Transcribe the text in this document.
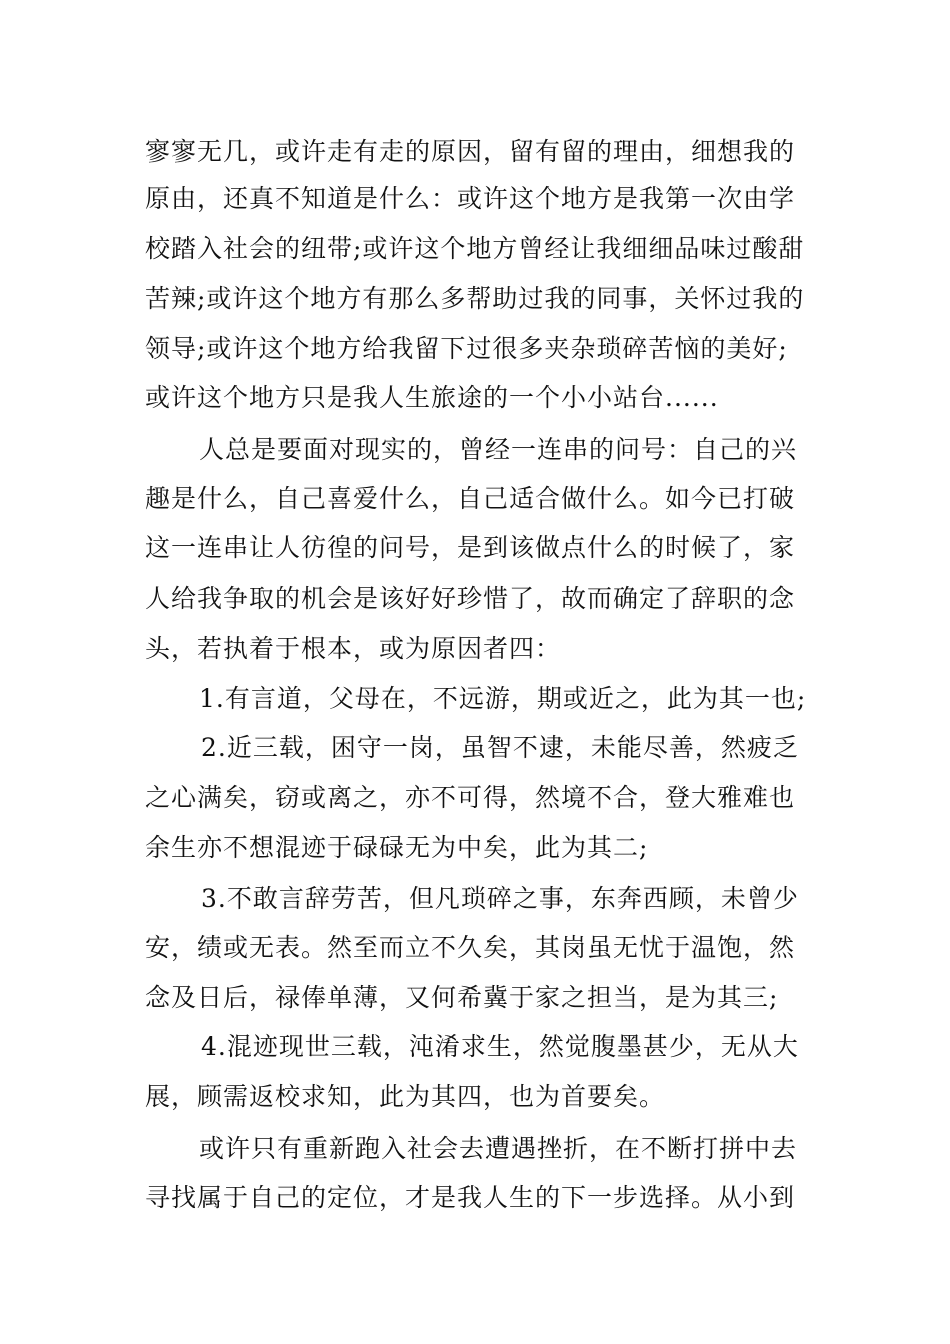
寥寥无几，或许走有走的原因，留有留的理由，细想我的
原由，还真不知道是什么：或许这个地方是我第一次由学
校踏入社会的纽带;或许这个地方曾经让我细细品味过酸甜
苦辣;或许这个地方有那么多帮助过我的同事，关怀过我的
领导;或许这个地方给我留下过很多夹杂琐碎苦恼的美好;
或许这个地方只是我人生旅途的一个小小站台......
人总是要面对现实的，曾经一连串的问号：自己的兴
趣是什么，自己喜爱什么，自己适合做什么。如今已打破
这一连串让人彷徨的问号，是到该做点什么的时候了，家
人给我争取的机会是该好好珍惜了，故而确定了辞职的念
头，若执着于根本，或为原因者四：
1.有言道，父母在，不远游，期或近之，此为其一也;
2.近三载，困守一岗，虽智不逮，未能尽善，然疲乏
之心满矣，窃或离之，亦不可得，然境不合，登大雅难也
余生亦不想混迹于碌碌无为中矣，此为其二;
3.不敢言辞劳苦，但凡琐碎之事，东奔西顾，未曾少
安，绩或无表。然至而立不久矣，其岗虽无忧于温饱，然
念及日后，禄俸单薄，又何希冀于家之担当，是为其三;
4.混迹现世三载，沌淆求生，然觉腹墨甚少，无从大
展，顾需返校求知，此为其四，也为首要矣。
或许只有重新跑入社会去遭遇挫折，在不断打拼中去
寻找属于自己的定位，才是我人生的下一步选择。从小到
